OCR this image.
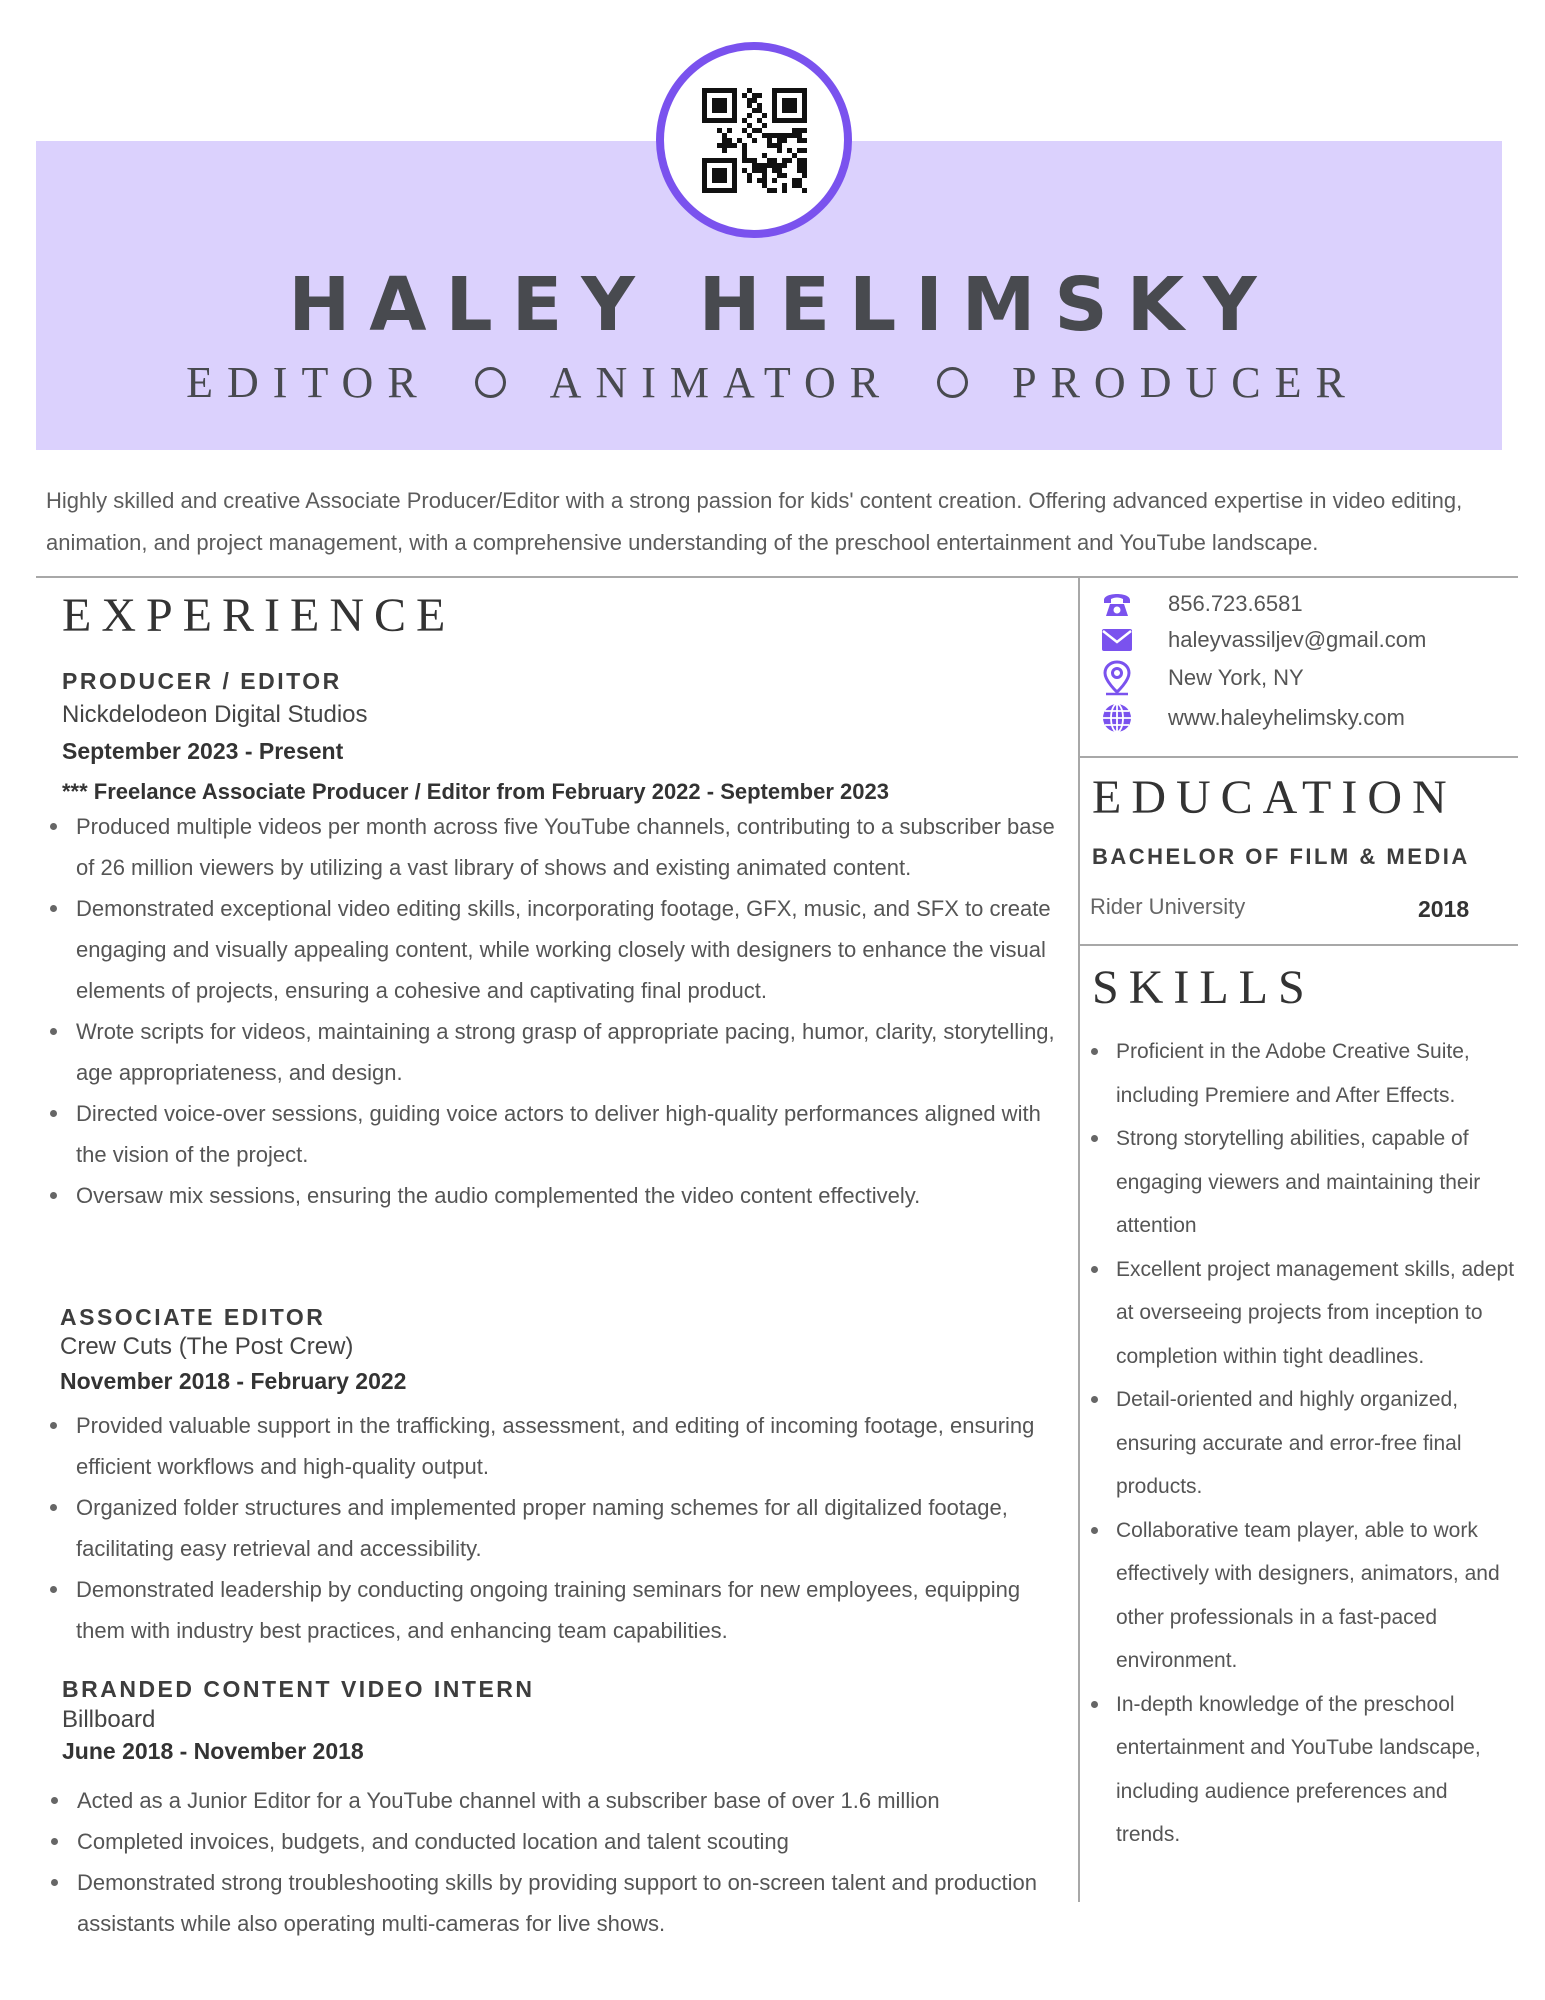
HALEY HELIMSKY
EDITOR	ANIMATOR	PRODUCER

Highly skilled and creative Associate Producer/Editor with a strong passion for kids' content creation. Offering advanced expertise in video editing, animation, and project management, with a comprehensive understanding of the preschool entertainment and YouTube landscape.

EXPERIENCE
PRODUCER / EDITOR
Nickdelodeon Digital Studios
September 2023 - Present
*** Freelance Associate Producer / Editor from February 2022 - September 2023
Produced multiple videos per month across five YouTube channels, contributing to a subscriber base of 26 million viewers by utilizing a vast library of shows and existing animated content.
Demonstrated exceptional video editing skills, incorporating footage, GFX, music, and SFX to create engaging and visually appealing content, while working closely with designers to enhance the visual elements of projects, ensuring a cohesive and captivating final product.
Wrote scripts for videos, maintaining a strong grasp of appropriate pacing, humor, clarity, storytelling, age appropriateness, and design.
Directed voice-over sessions, guiding voice actors to deliver high-quality performances aligned with the vision of the project.
Oversaw mix sessions, ensuring the audio complemented the video content effectively.
ASSOCIATE EDITOR
Crew Cuts (The Post Crew)
November 2018 - February 2022
Provided valuable support in the trafficking, assessment, and editing of incoming footage, ensuring efficient workflows and high-quality output.
Organized folder structures and implemented proper naming schemes for all digitalized footage, facilitating easy retrieval and accessibility.
Demonstrated leadership by conducting ongoing training seminars for new employees, equipping them with industry best practices, and enhancing team capabilities.
BRANDED CONTENT VIDEO INTERN
Billboard
June 2018 - November 2018
Acted as a Junior Editor for a YouTube channel with a subscriber base of over 1.6 million
Completed invoices, budgets, and conducted location and talent scouting
Demonstrated strong troubleshooting skills by providing support to on-screen talent and production assistants while also operating multi-cameras for live shows.
856.723.6581
haleyvassiljev@gmail.com
New York, NY
www.haleyhelimsky.com
EDUCATION
BACHELOR OF FILM & MEDIA
Rider University	2018
SKILLS
Proficient in the Adobe Creative Suite, including Premiere and After Effects.
Strong storytelling abilities, capable of engaging viewers and maintaining their attention
Excellent project management skills, adept at overseeing projects from inception to completion within tight deadlines.
Detail-oriented and highly organized, ensuring accurate and error-free final products.
Collaborative team player, able to work effectively with designers, animators, and other professionals in a fast-paced environment.
In-depth knowledge of the preschool entertainment and YouTube landscape, including audience preferences and trends.
